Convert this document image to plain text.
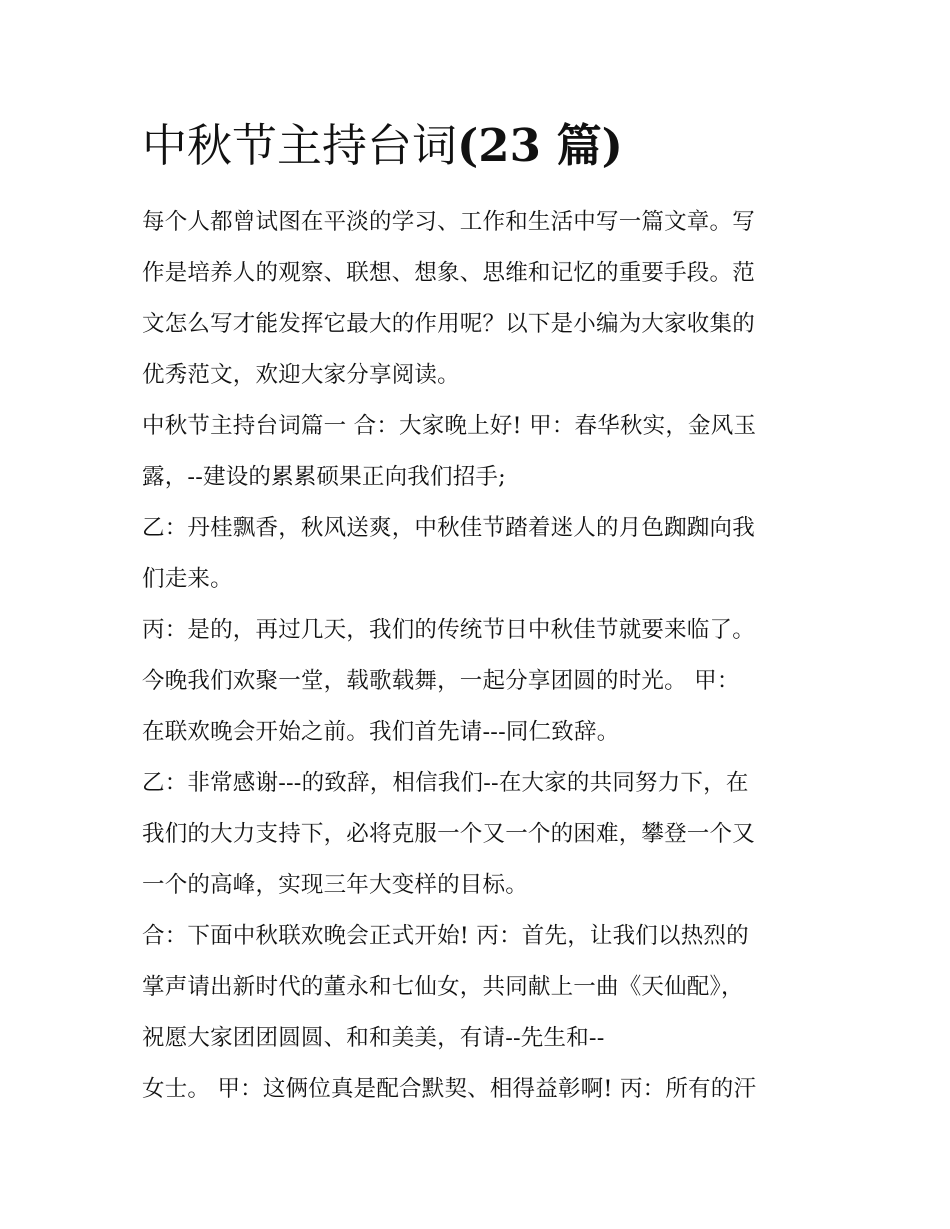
中秋节主持台词(23 篇)
每个人都曾试图在平淡的学习、工作和生活中写一篇文章。写
作是培养人的观察、联想、想象、思维和记忆的重要手段。范
文怎么写才能发挥它最大的作用呢？以下是小编为大家收集的
优秀范文，欢迎大家分享阅读。
中秋节主持台词篇一 合：大家晚上好! 甲：春华秋实，金风玉
露，--建设的累累硕果正向我们招手;
乙：丹桂飘香，秋风送爽，中秋佳节踏着迷人的月色踟踟向我
们走来。
丙：是的，再过几天，我们的传统节日中秋佳节就要来临了。
今晚我们欢聚一堂，载歌载舞，一起分享团圆的时光。 甲：
在联欢晚会开始之前。我们首先请---同仁致辞。
乙：非常感谢---的致辞，相信我们--在大家的共同努力下，在
我们的大力支持下，必将克服一个又一个的困难，攀登一个又
一个的高峰，实现三年大变样的目标。
合：下面中秋联欢晚会正式开始! 丙：首先，让我们以热烈的
掌声请出新时代的董永和七仙女，共同献上一曲《天仙配》，
祝愿大家团团圆圆、和和美美，有请--先生和--
女士。 甲：这俩位真是配合默契、相得益彰啊! 丙：所有的汗
